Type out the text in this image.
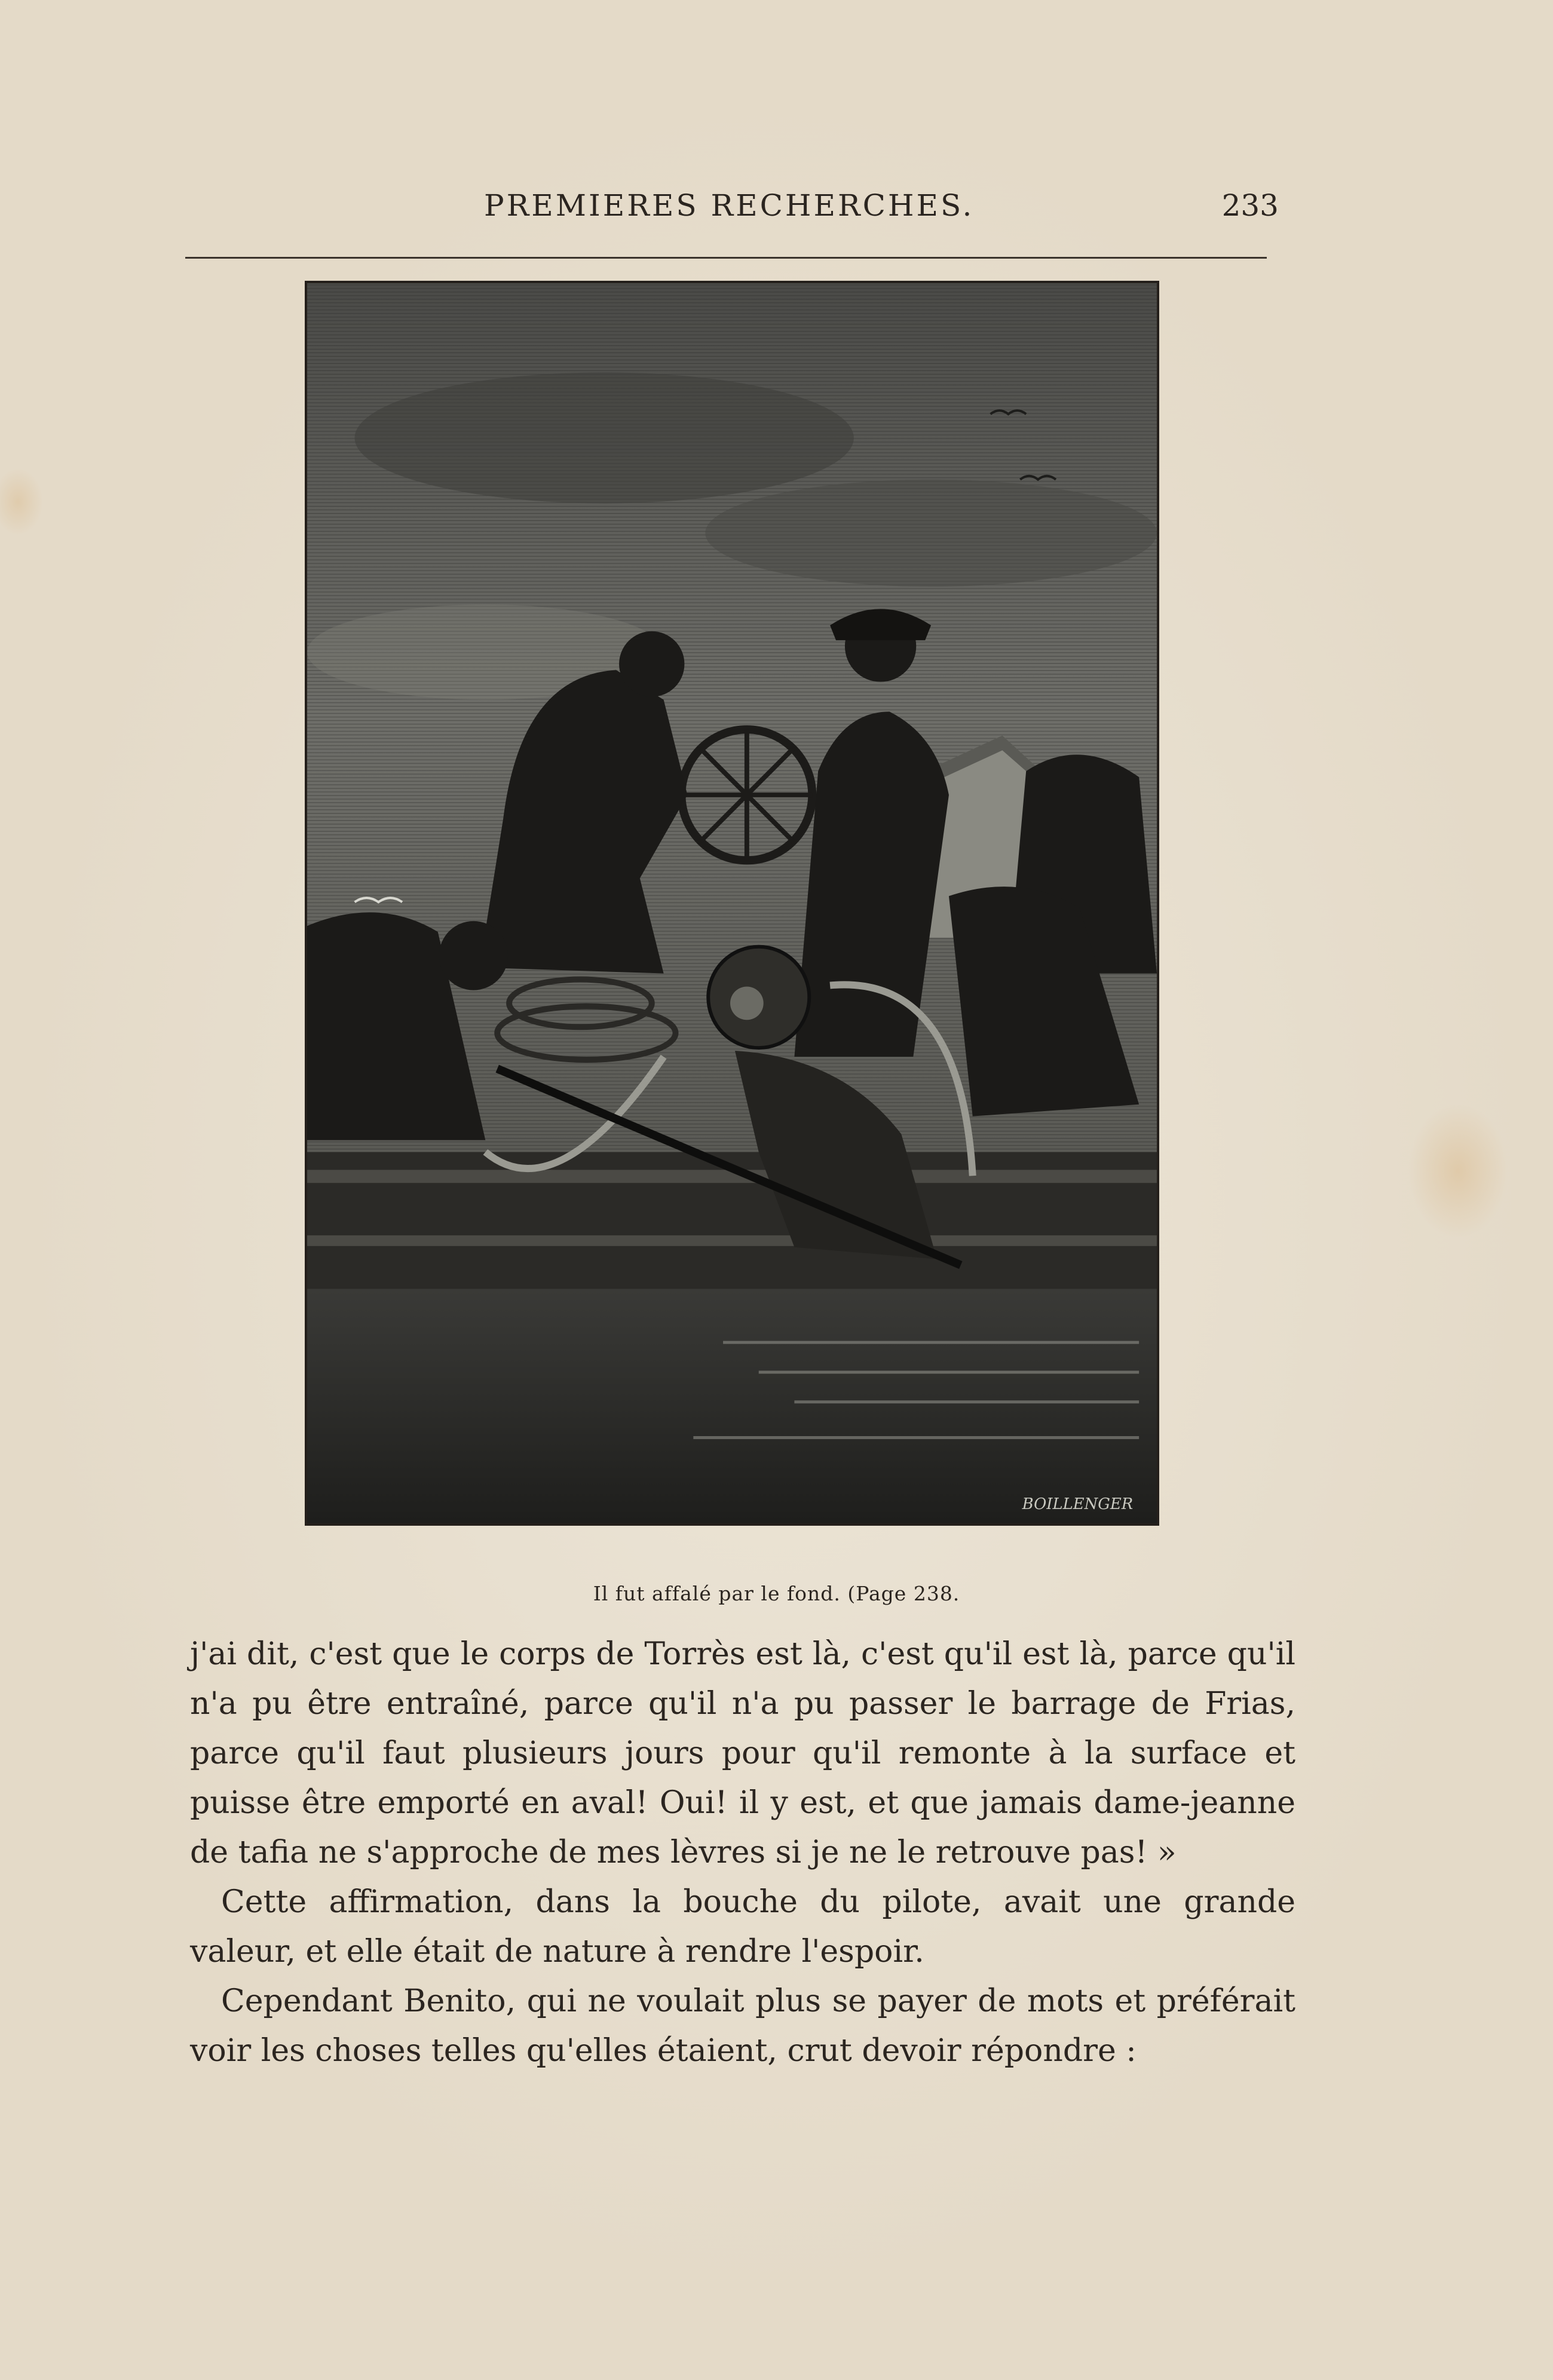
PREMIERES RECHERCHES.	233
BOILLENGER
Il fut affalé par le fond. (Page 238.

j'ai dit, c'est que le corps de Torrès est là, c'est qu'il est là, parce qu'il n'a pu être entraîné, parce qu'il n'a pu passer le barrage de Frias, parce qu'il faut plusieurs jours pour qu'il remonte à la surface et puisse être emporté en aval! Oui! il y est, et que jamais dame-jeanne de tafia ne s'approche de mes lèvres si je ne le retrouve pas! »

Cette affirmation, dans la bouche du pilote, avait une grande valeur, et elle était de nature à rendre l'espoir.

Cependant Benito, qui ne voulait plus se payer de mots et préférait voir les choses telles qu'elles étaient, crut devoir répondre :
